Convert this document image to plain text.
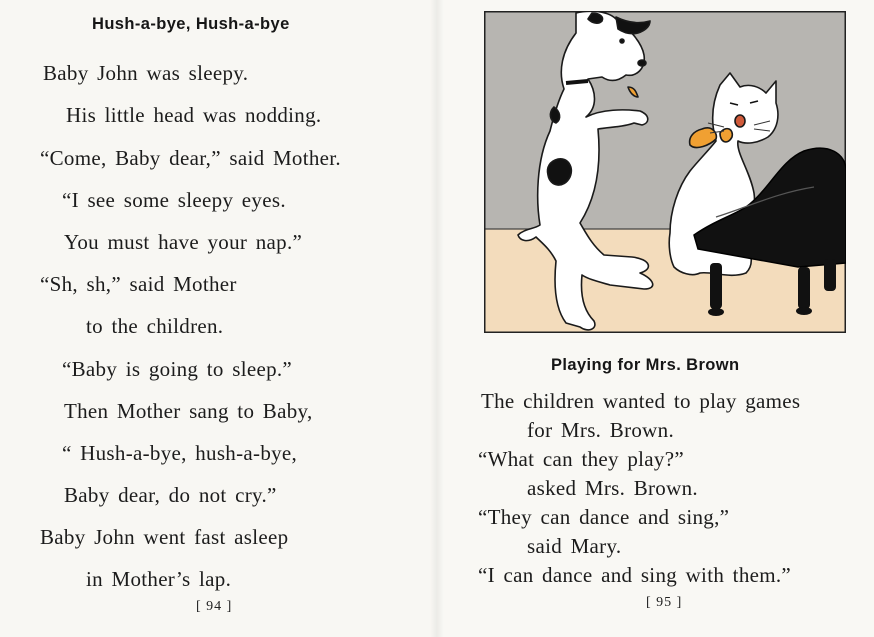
Hush-a-bye, Hush-a-bye
Baby John was sleepy.
His little head was nodding.
“Come, Baby dear,” said Mother.
“I see some sleepy eyes.
You must have your nap.”
“Sh, sh,” said Mother
to the children.
“Baby is going to sleep.”
Then Mother sang to Baby,
“ Hush-a-bye, hush-a-bye,
Baby dear, do not cry.”
Baby John went fast asleep
in Mother’s lap.
[ 94 ]
Playing for Mrs. Brown
The children wanted to play games
for Mrs. Brown.
“What can they play?”
asked Mrs. Brown.
“They can dance and sing,”
said Mary.
“I can dance and sing with them.”
[ 95 ]
